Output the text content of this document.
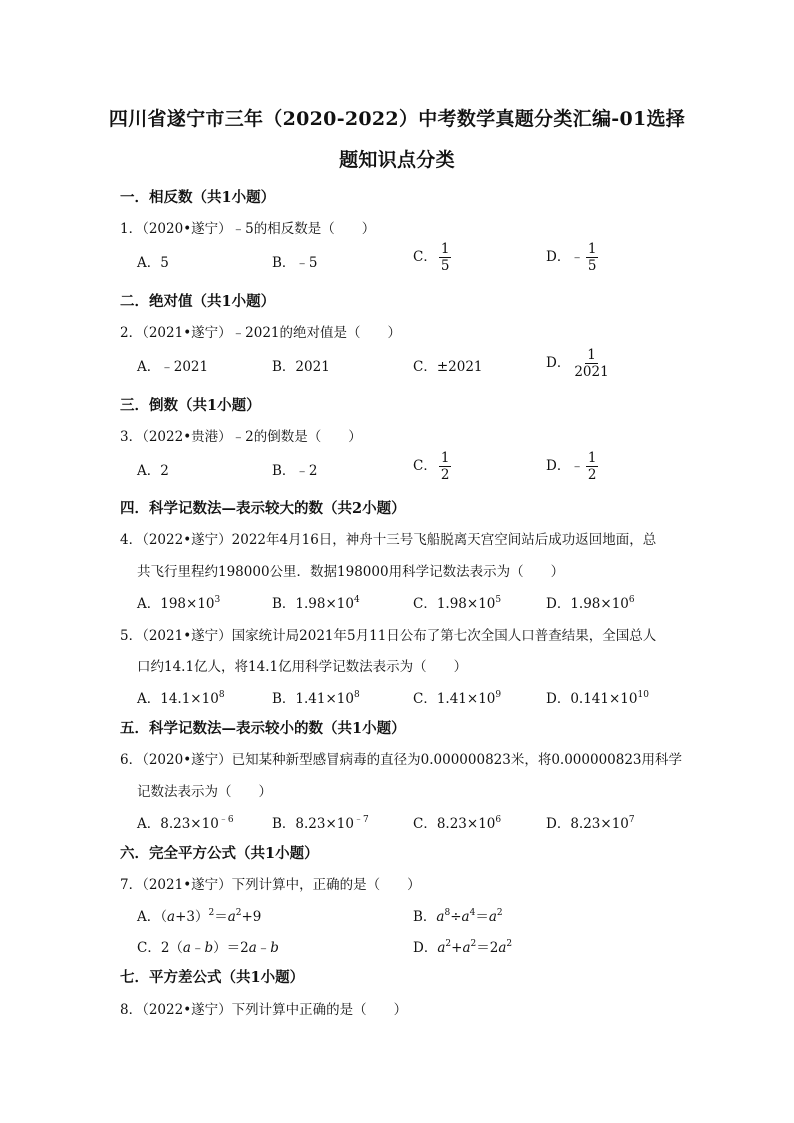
四川省遂宁市三年（2020-2022）中考数学真题分类汇编-01选择
题知识点分类
一．相反数（共1小题）
1．（2020•遂宁）﹣5的相反数是（　　）
A．5	B．﹣5	C． $\frac{1}{5}$	D．﹣ $\frac{1}{5}$
二．绝对值（共1小题）
2．（2021•遂宁）﹣2021的绝对值是（　　）
A．﹣2021	B．2021	C．±2021	D． $\frac{1}{2021}$
三．倒数（共1小题）
3．（2022•贵港）﹣2的倒数是（　　）
A．2	B．﹣2	C． $\frac{1}{2}$	D．﹣ $\frac{1}{2}$
四．科学记数法—表示较大的数（共2小题）
4．（2022•遂宁）2022年4月16日，神舟十三号飞船脱离天宫空间站后成功返回地面，总
共飞行里程约198000公里．数据198000用科学记数法表示为（　　）
A．$198\times 10^3$	B．$1.98\times 10^4$	C．$1.98\times 10^5$	D．$1.98\times 10^6$
5．（2021•遂宁）国家统计局2021年5月11日公布了第七次全国人口普查结果，全国总人
口约14.1亿人，将14.1亿用科学记数法表示为（　　）
A．$14.1\times 10^8$	B．$1.41\times 10^8$	C．$1.41\times 10^9$	D．$0.141\times 10^{10}$
五．科学记数法—表示较小的数（共1小题）
6．（2020•遂宁）已知某种新型感冒病毒的直径为0.000000823米，将0.000000823用科学
记数法表示为（　　）
A．$8.23\times 10^{﹣6}$	B．$8.23\times 10^{﹣7}$	C．$8.23\times 10^6$	D．$8.23\times 10^7$
六．完全平方公式（共1小题）
7．（2021•遂宁）下列计算中，正确的是（　　）
A．$(a+3)^2=a^2+9$	B．$a^8\div a^4=a^2$
C．2（a﹣b）＝2a﹣b	D．$a^2+a^2=2a^2$
七．平方差公式（共1小题）
8．（2022•遂宁）下列计算中正确的是（　　）
